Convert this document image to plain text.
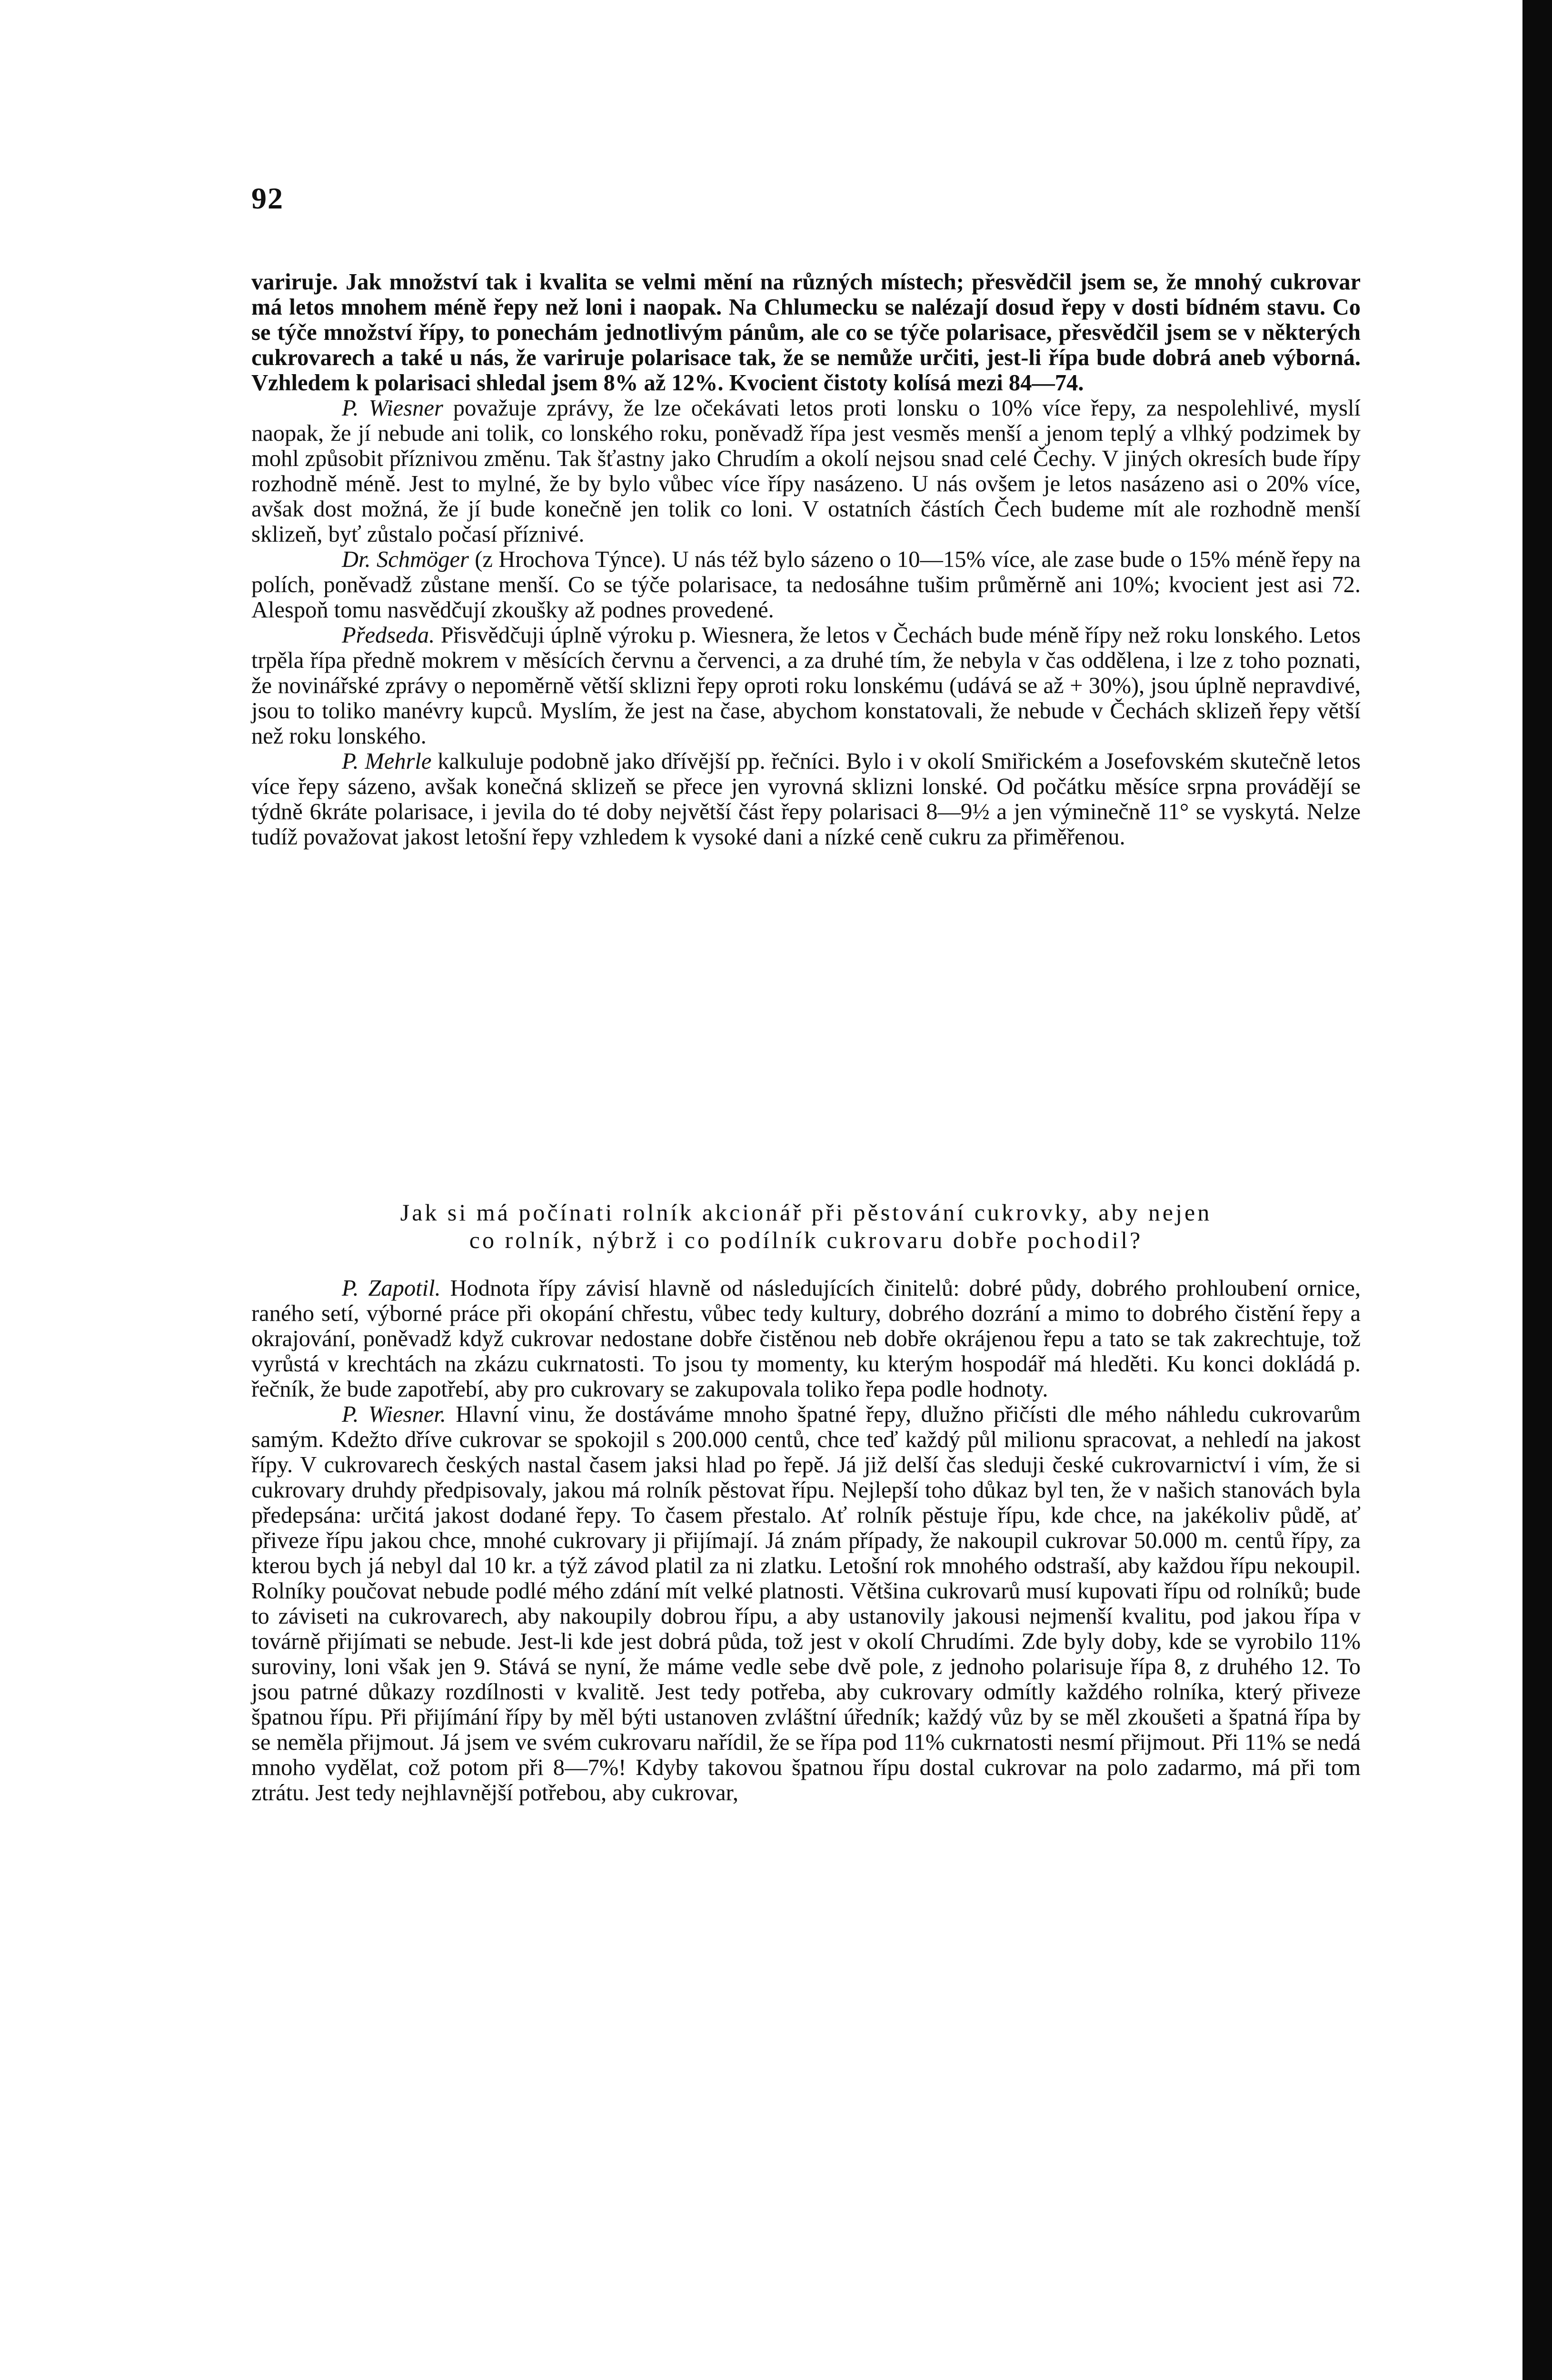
92

variruje. Jak množství tak i kvalita se velmi mění na různých místech; přesvědčil jsem se, že mnohý cukrovar má letos mnohem méně řepy než loni i naopak. Na Chlumecku se nalézají dosud řepy v dosti bídném stavu. Co se týče množství řípy, to ponechám jednotlivým pánům, ale co se týče polarisace, přesvědčil jsem se v některých cukrovarech a také u nás, že variruje polarisace tak, že se nemůže určiti, jest-li řípa bude dobrá aneb výborná. Vzhledem k polarisaci shledal jsem 8% až 12%. Kvocient čistoty kolísá mezi 84—74.

P. Wiesner považuje zprávy, že lze očekávati letos proti lonsku o 10% více řepy, za nespolehlivé, myslí naopak, že jí nebude ani tolik, co lonského roku, poněvadž řípa jest vesměs menší a jenom teplý a vlhký podzimek by mohl způsobit příznivou změnu. Tak šťastny jako Chrudím a okolí nejsou snad celé Čechy. V jiných okresích bude řípy rozhodně méně. Jest to mylné, že by bylo vůbec více řípy nasázeno. U nás ovšem je letos nasázeno asi o 20% více, avšak dost možná, že jí bude konečně jen tolik co loni. V ostatních částích Čech budeme mít ale rozhodně menší sklizeň, byť zůstalo počasí příznivé.

Dr. Schmöger (z Hrochova Týnce). U nás též bylo sázeno o 10—15% více, ale zase bude o 15% méně řepy na polích, poněvadž zůstane menší. Co se týče polarisace, ta nedosáhne tušim průměrně ani 10%; kvocient jest asi 72. Alespoň tomu nasvědčují zkoušky až podnes provedené.

Předseda. Přisvědčuji úplně výroku p. Wiesnera, že letos v Čechách bude méně řípy než roku lonského. Letos trpěla řípa předně mokrem v měsících červnu a červenci, a za druhé tím, že nebyla v čas oddělena, i lze z toho poznati, že novinářské zprávy o nepoměrně větší sklizni řepy oproti roku lonskému (udává se až + 30%), jsou úplně nepravdivé, jsou to toliko manévry kupců. Myslím, že jest na čase, abychom konstatovali, že nebude v Čechách sklizeň řepy větší než roku lonského.

P. Mehrle kalkuluje podobně jako dřívější pp. řečníci. Bylo i v okolí Smiřickém a Josefovském skutečně letos více řepy sázeno, avšak konečná sklizeň se přece jen vyrovná sklizni lonské. Od počátku měsíce srpna provádějí se týdně 6kráte polarisace, i jevila do té doby největší část řepy polarisaci 8—9½ a jen výminečně 11° se vyskytá. Nelze tudíž považovat jakost letošní řepy vzhledem k vysoké dani a nízké ceně cukru za přiměřenou.

Jak si má počínati rolník akcionář při pěstování cukrovky, aby nejen
co rolník, nýbrž i co podílník cukrovaru dobře pochodil?

P. Zapotil. Hodnota řípy závisí hlavně od následujících činitelů: dobré půdy, dobrého prohloubení ornice, raného setí, výborné práce při okopání chřestu, vůbec tedy kultury, dobrého dozrání a mimo to dobrého čistění řepy a okrajování, poněvadž když cukrovar nedostane dobře čistěnou neb dobře okrájenou řepu a tato se tak zakrechtuje, tož vyrůstá v krechtách na zkázu cukrnatosti. To jsou ty momenty, ku kterým hospodář má hleděti. Ku konci dokládá p. řečník, že bude zapotřebí, aby pro cukrovary se zakupovala toliko řepa podle hodnoty.

P. Wiesner. Hlavní vinu, že dostáváme mnoho špatné řepy, dlužno přičísti dle mého náhledu cukrovarům samým. Kdežto dříve cukrovar se spokojil s 200.000 centů, chce teď každý půl milionu spracovat, a nehledí na jakost řípy. V cukrovarech českých nastal časem jaksi hlad po řepě. Já již delší čas sleduji české cukrovarnictví i vím, že si cukrovary druhdy předpisovaly, jakou má rolník pěstovat řípu. Nejlepší toho důkaz byl ten, že v našich stanovách byla předepsána: určitá jakost dodané řepy. To časem přestalo. Ať rolník pěstuje řípu, kde chce, na jakékoliv půdě, ať přiveze řípu jakou chce, mnohé cukrovary ji přijímají. Já znám případy, že nakoupil cukrovar 50.000 m. centů řípy, za kterou bych já nebyl dal 10 kr. a týž závod platil za ni zlatku. Letošní rok mnohého odstraší, aby každou řípu nekoupil. Rolníky poučovat nebude podlé mého zdání mít velké platnosti. Většina cukrovarů musí kupovati řípu od rolníků; bude to záviseti na cukrovarech, aby nakoupily dobrou řípu, a aby ustanovily jakousi nejmenší kvalitu, pod jakou řípa v továrně přijímati se nebude. Jest-li kde jest dobrá půda, tož jest v okolí Chrudími. Zde byly doby, kde se vyrobilo 11% suroviny, loni však jen 9. Stává se nyní, že máme vedle sebe dvě pole, z jednoho polarisuje řípa 8, z druhého 12. To jsou patrné důkazy rozdílnosti v kvalitě. Jest tedy potřeba, aby cukrovary odmítly každého rolníka, který přiveze špatnou řípu. Při přijímání řípy by měl býti ustanoven zvláštní úředník; každý vůz by se měl zkoušeti a špatná řípa by se neměla přijmout. Já jsem ve svém cukrovaru nařídil, že se řípa pod 11% cukrnatosti nesmí přijmout. Při 11% se nedá mnoho vydělat, což potom při 8—7%! Kdyby takovou špatnou řípu dostal cukrovar na polo zadarmo, má při tom ztrátu. Jest tedy nejhlavnější potřebou, aby cukrovar,
